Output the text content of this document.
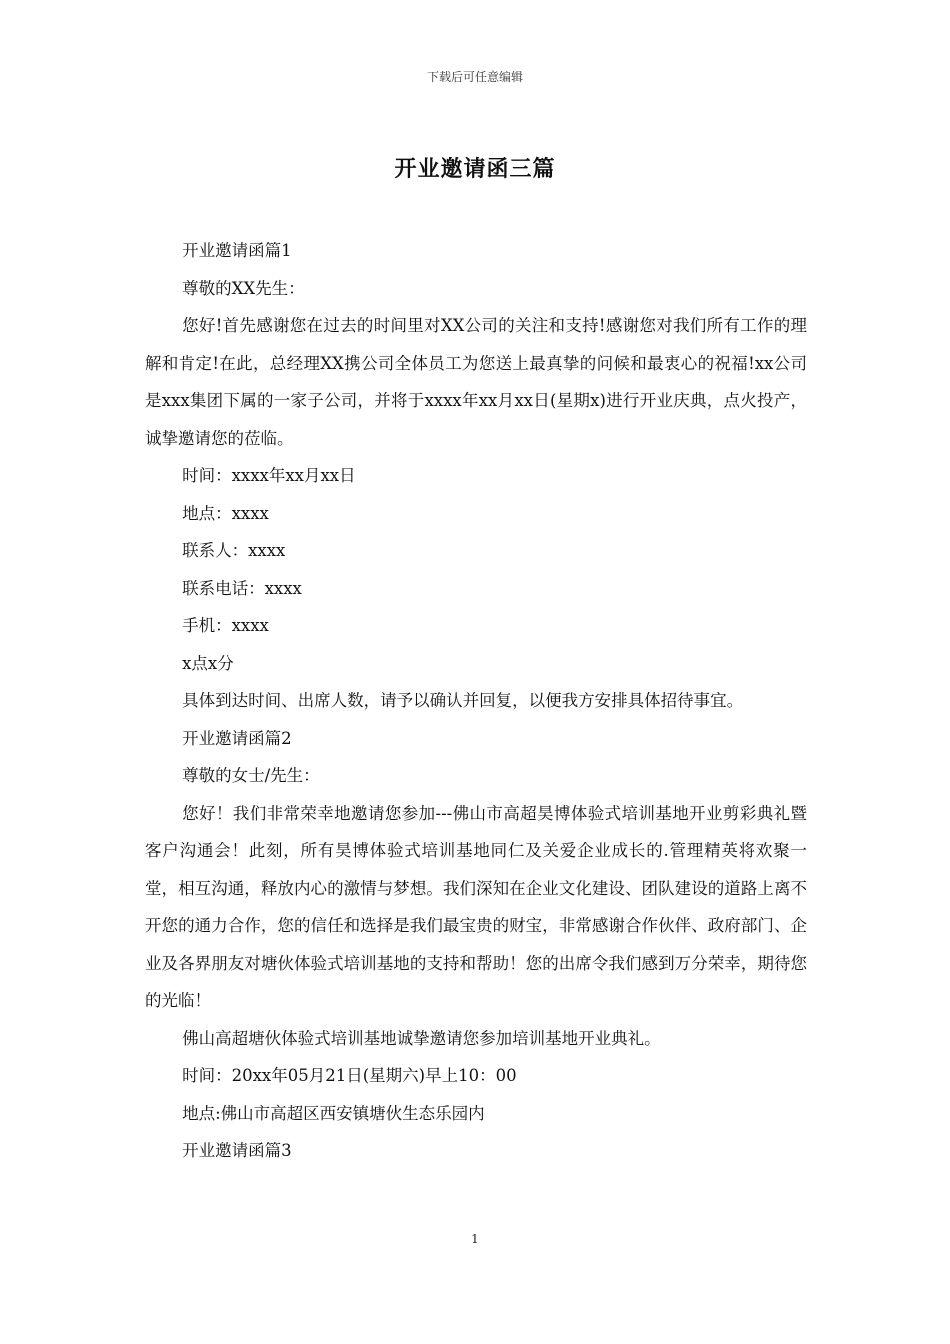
下载后可任意编辑

开业邀请函三篇

开业邀请函篇1

尊敬的XX先生：

您好!首先感谢您在过去的时间里对XX公司的关注和支持!感谢您对我们所有工作的理解和肯定!在此，总经理XX携公司全体员工为您送上最真挚的问候和最衷心的祝福!xx公司是xxx集团下属的一家子公司，并将于xxxx年xx月xx日(星期x)进行开业庆典，点火投产，诚挚邀请您的莅临。

时间：xxxx年xx月xx日

地点：xxxx

联系人：xxxx

联系电话：xxxx

手机：xxxx

x点x分

具体到达时间、出席人数，请予以确认并回复，以便我方安排具体招待事宜。

开业邀请函篇2

尊敬的女士/先生：

您好！我们非常荣幸地邀请您参加---佛山市高超昊博体验式培训基地开业剪彩典礼暨客户沟通会！此刻，所有昊博体验式培训基地同仁及关爱企业成长的.管理精英将欢聚一堂，相互沟通，释放内心的激情与梦想。我们深知在企业文化建设、团队建设的道路上离不开您的通力合作，您的信任和选择是我们最宝贵的财宝，非常感谢合作伙伴、政府部门、企业及各界朋友对塘伙体验式培训基地的支持和帮助！您的出席令我们感到万分荣幸，期待您的光临！

佛山高超塘伙体验式培训基地诚挚邀请您参加培训基地开业典礼。

时间：20xx年05月21日(星期六)早上10：00

地点:佛山市高超区西安镇塘伙生态乐园内

开业邀请函篇3

1
